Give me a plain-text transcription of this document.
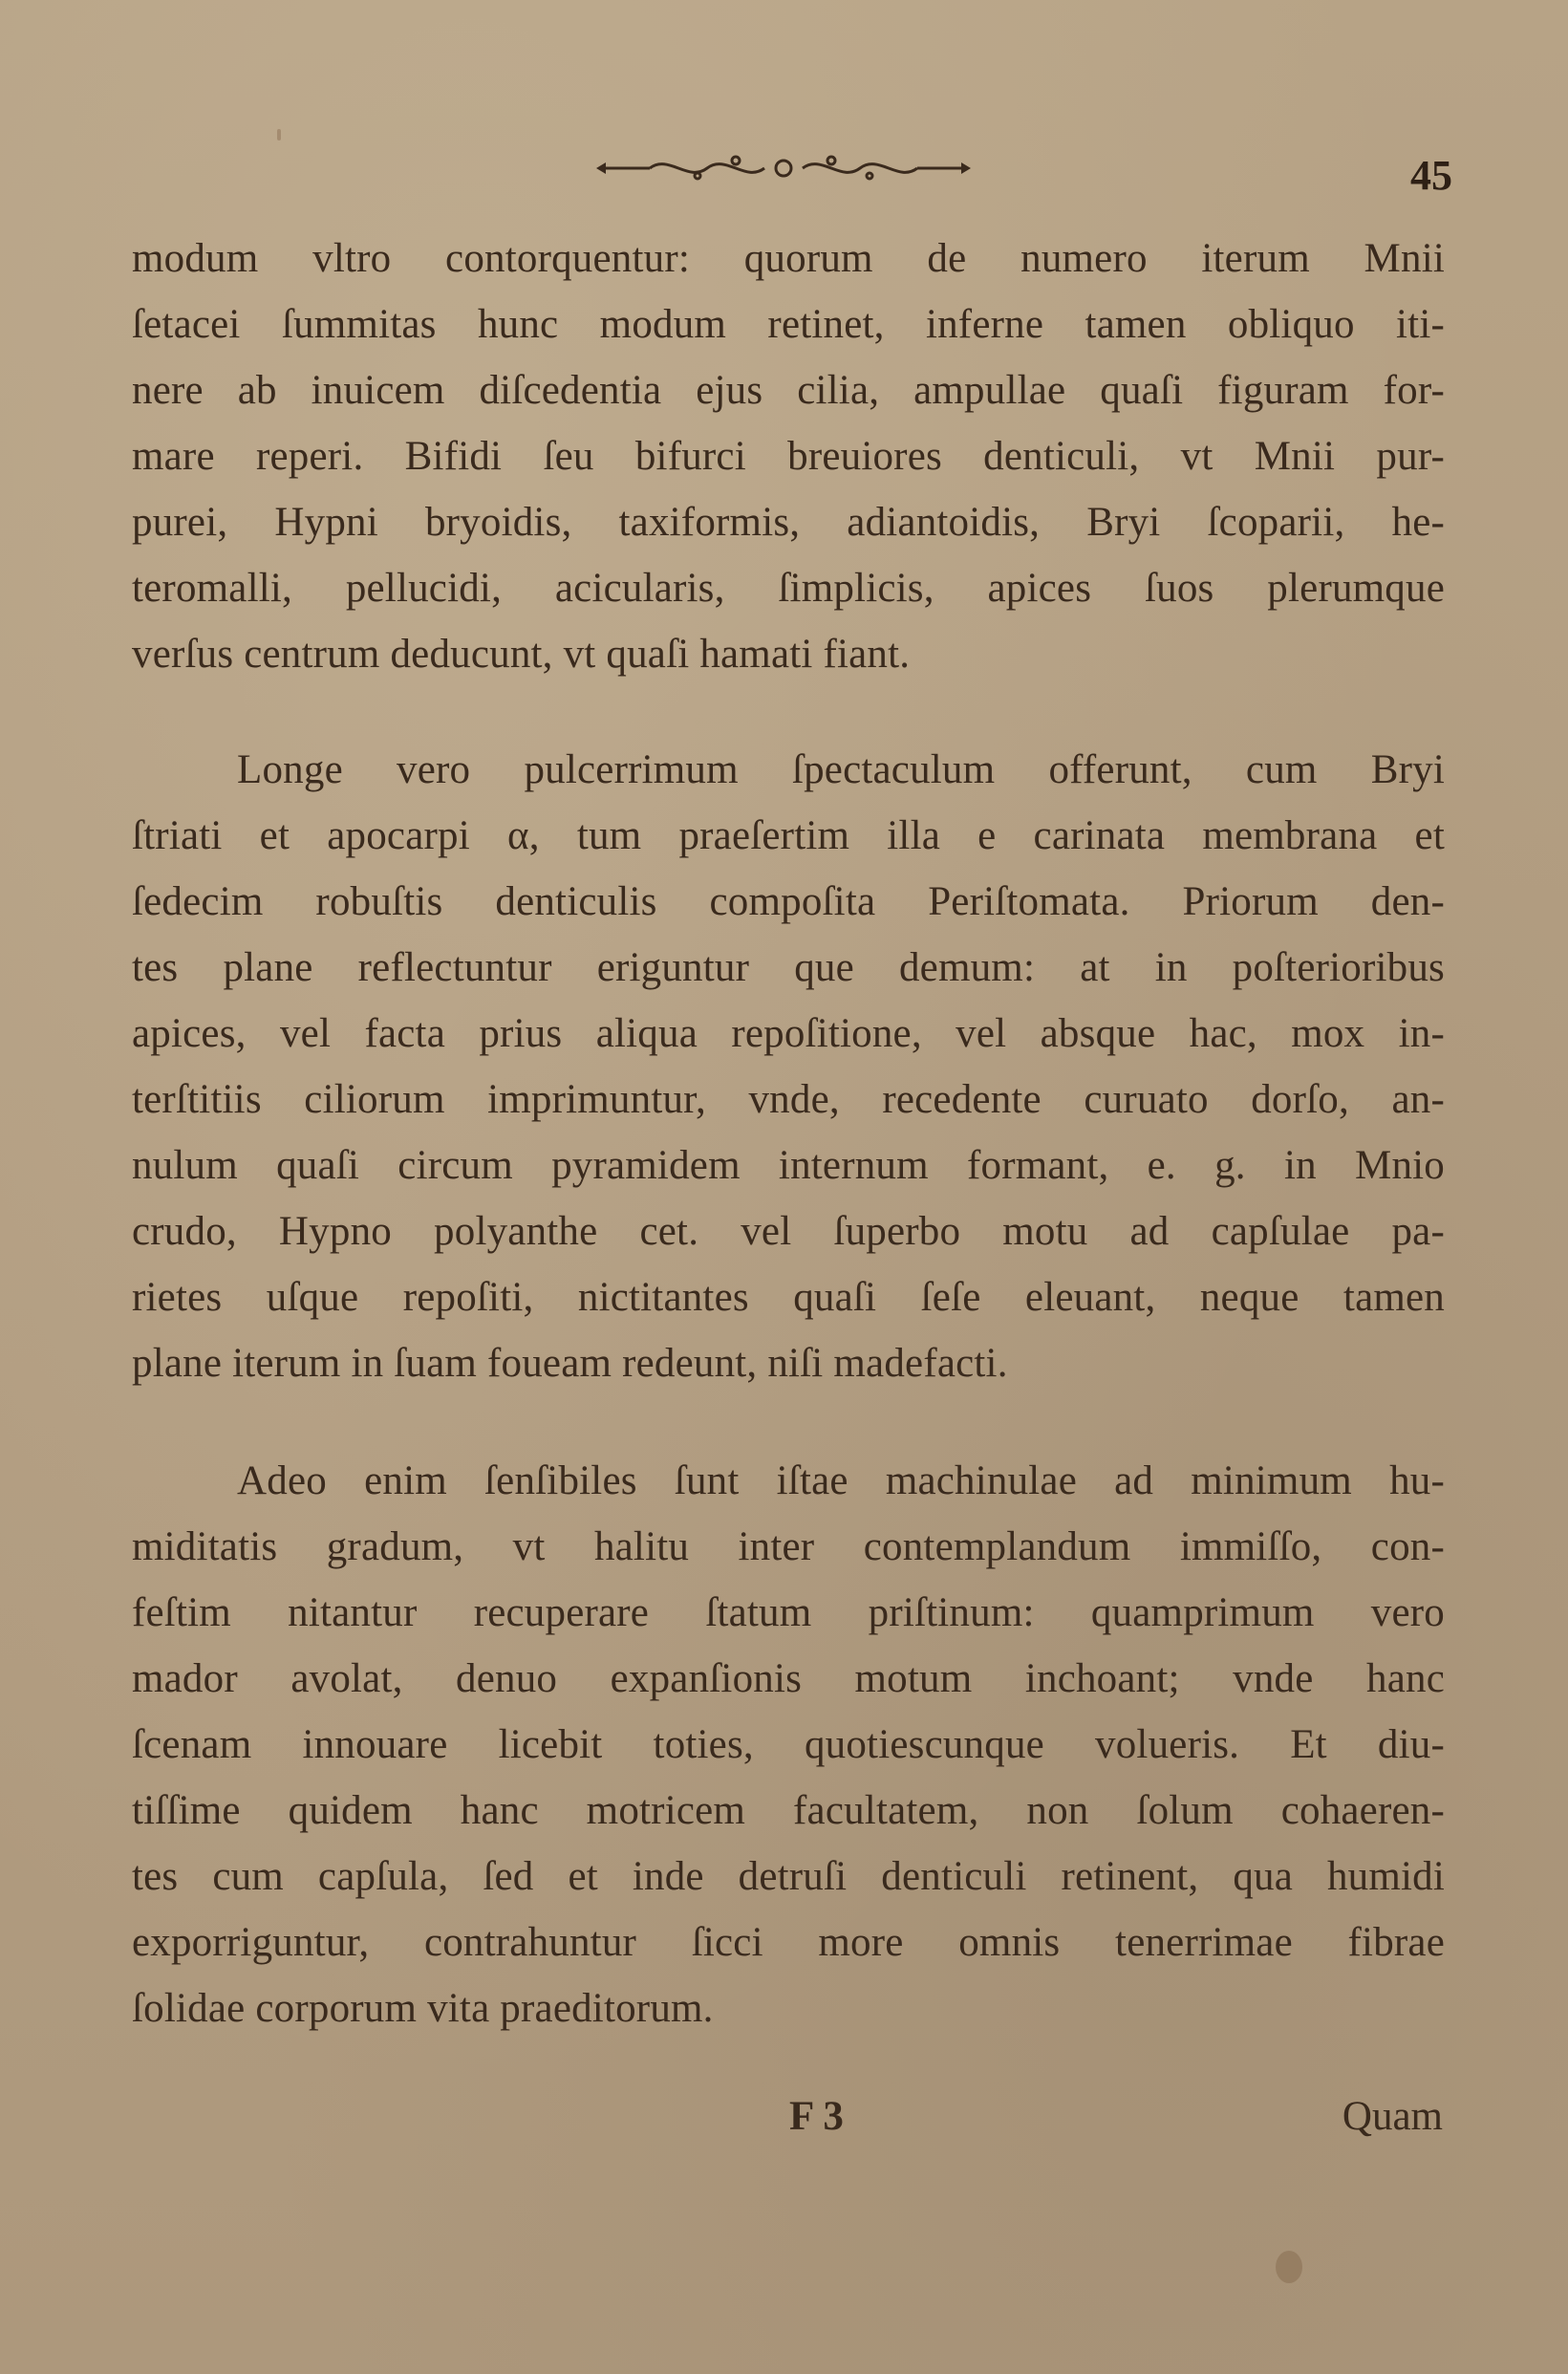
45
modum vltro contorquentur: quorum de numero iterum Mnii
ſetacei ſummitas hunc modum retinet, inferne tamen obliquo iti-
nere ab inuicem diſcedentia ejus cilia, ampullae quaſi figuram for-
mare reperi. Bifidi ſeu bifurci breuiores denticuli, vt Mnii pur-
purei, Hypni bryoidis, taxiformis, adiantoidis, Bryi ſcoparii, he-
teromalli, pellucidi, acicularis, ſimplicis, apices ſuos plerumque
verſus centrum deducunt, vt quaſi hamati fiant.
Longe vero pulcerrimum ſpectaculum offerunt, cum Bryi
ſtriati et apocarpi α, tum praeſertim illa e carinata membrana et
ſedecim robuſtis denticulis compoſita Periſtomata. Priorum den-
tes plane reflectuntur eriguntur que demum: at in poſterioribus
apices, vel facta prius aliqua repoſitione, vel absque hac, mox in-
terſtitiis ciliorum imprimuntur, vnde, recedente curuato dorſo, an-
nulum quaſi circum pyramidem internum formant, e. g. in Mnio
crudo, Hypno polyanthe cet. vel ſuperbo motu ad capſulae pa-
rietes uſque repoſiti, nictitantes quaſi ſeſe eleuant, neque tamen
plane iterum in ſuam foueam redeunt, niſi madefacti.
Adeo enim ſenſibiles ſunt iſtae machinulae ad minimum hu-
miditatis gradum, vt halitu inter contemplandum immiſſo, con-
feſtim nitantur recuperare ſtatum priſtinum: quamprimum vero
mador avolat, denuo expanſionis motum inchoant; vnde hanc
ſcenam innouare licebit toties, quotiescunque volueris. Et diu-
tiſſime quidem hanc motricem facultatem, non ſolum cohaeren-
tes cum capſula, ſed et inde detruſi denticuli retinent, qua humidi
exporriguntur, contrahuntur ſicci more omnis tenerrimae fibrae
ſolidae corporum vita praeditorum.
F 3	Quam
